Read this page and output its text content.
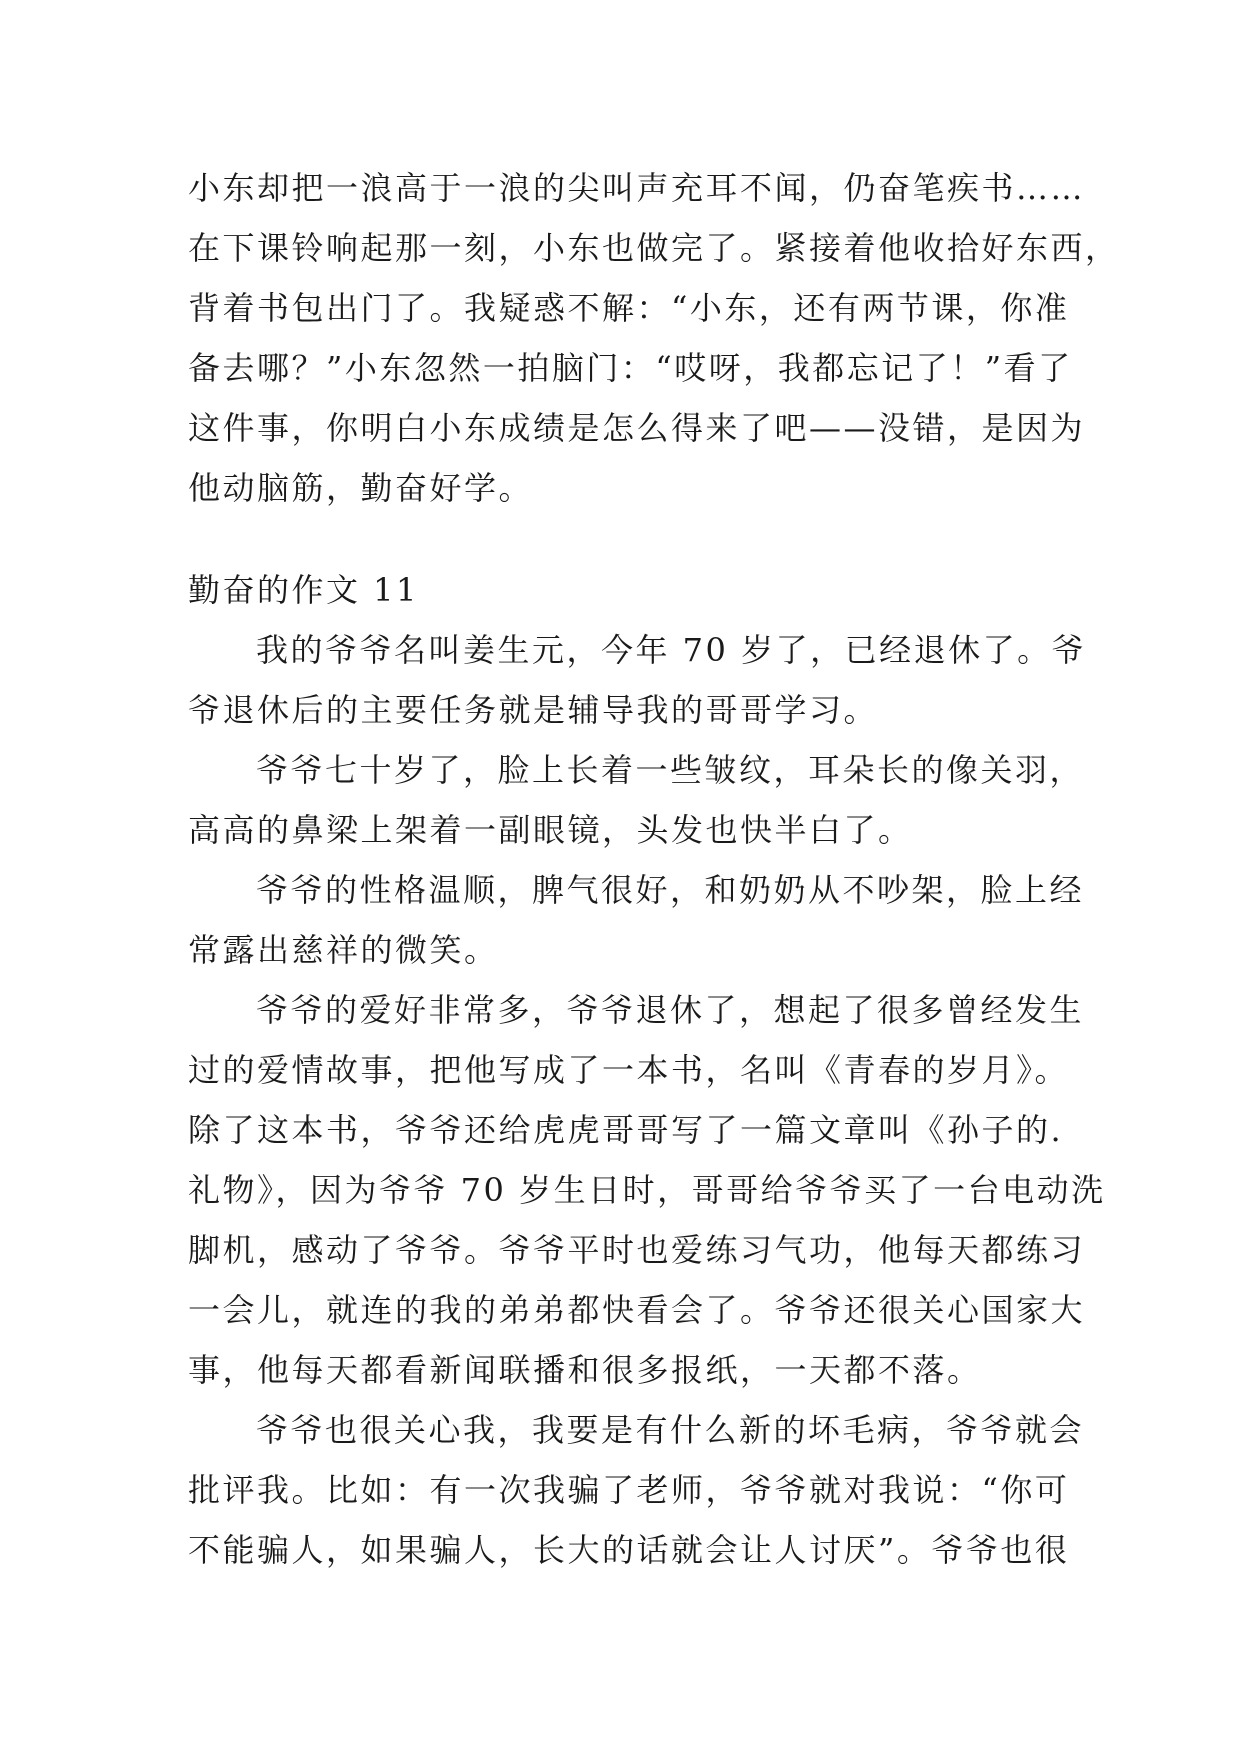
小东却把一浪高于一浪的尖叫声充耳不闻，仍奋笔疾书……

在下课铃响起那一刻，小东也做完了。紧接着他收拾好东西，

背着书包出门了。我疑惑不解：“小东，还有两节课，你准

备去哪？”小东忽然一拍脑门：“哎呀，我都忘记了！”看了

这件事，你明白小东成绩是怎么得来了吧——没错，是因为

他动脑筋，勤奋好学。

勤奋的作文 11

我的爷爷名叫姜生元，今年 70 岁了，已经退休了。爷

爷退休后的主要任务就是辅导我的哥哥学习。

爷爷七十岁了，脸上长着一些皱纹，耳朵长的像关羽，

高高的鼻梁上架着一副眼镜，头发也快半白了。

爷爷的性格温顺，脾气很好，和奶奶从不吵架，脸上经

常露出慈祥的微笑。

爷爷的爱好非常多，爷爷退休了，想起了很多曾经发生

过的爱情故事，把他写成了一本书，名叫《青春的岁月》。

除了这本书，爷爷还给虎虎哥哥写了一篇文章叫《孙子的.

礼物》，因为爷爷 70 岁生日时，哥哥给爷爷买了一台电动洗

脚机，感动了爷爷。爷爷平时也爱练习气功，他每天都练习

一会儿，就连的我的弟弟都快看会了。爷爷还很关心国家大

事，他每天都看新闻联播和很多报纸，一天都不落。

爷爷也很关心我，我要是有什么新的坏毛病，爷爷就会

批评我。比如：有一次我骗了老师，爷爷就对我说：“你可

不能骗人，如果骗人，长大的话就会让人讨厌”。爷爷也很
